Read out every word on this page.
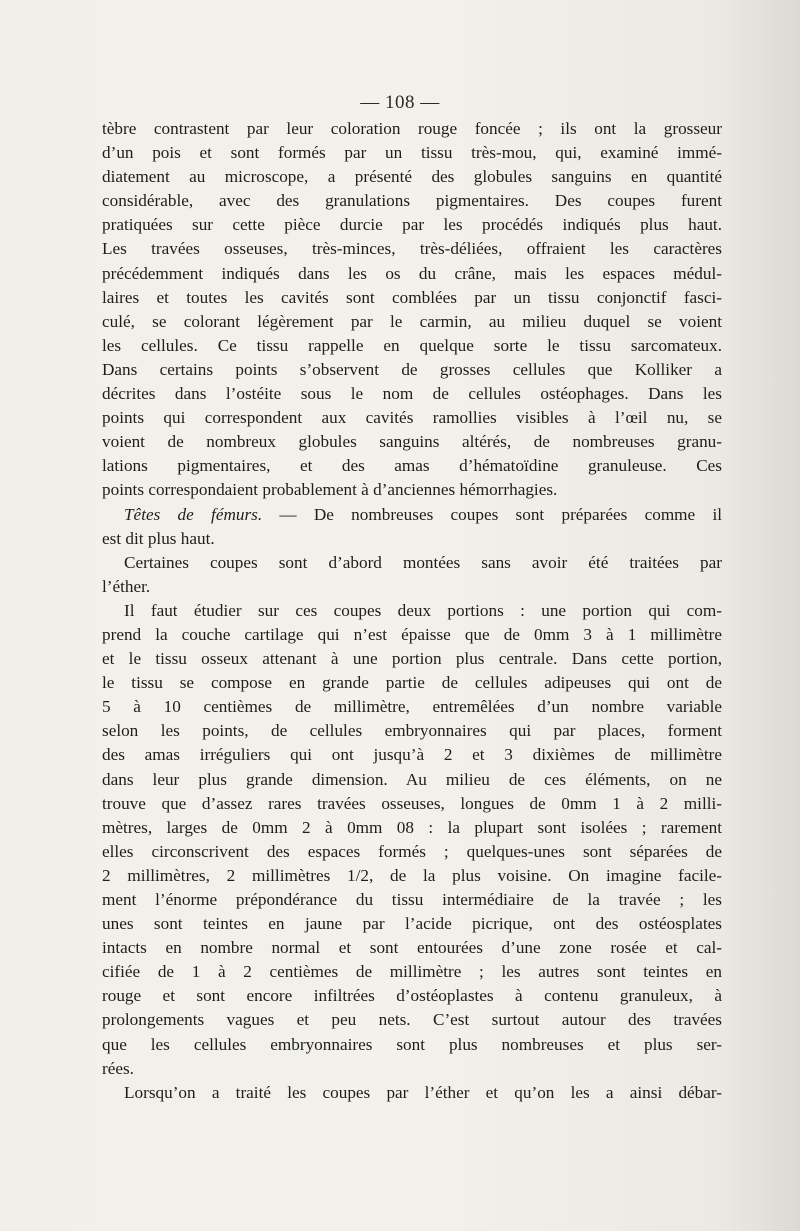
— 108 —
tèbre contrastent par leur coloration rouge foncée ; ils ont la grosseur
d’un pois et sont formés par un tissu très-mou, qui, examiné immé-
diatement au microscope, a présenté des globules sanguins en quantité
considérable, avec des granulations pigmentaires. Des coupes furent
pratiquées sur cette pièce durcie par les procédés indiqués plus haut.
Les travées osseuses, très-minces, très-déliées, offraient les caractères
précédemment indiqués dans les os du crâne, mais les espaces médul-
laires et toutes les cavités sont comblées par un tissu conjonctif fasci-
culé, se colorant légèrement par le carmin, au milieu duquel se voient
les cellules. Ce tissu rappelle en quelque sorte le tissu sarcomateux.
Dans certains points s’observent de grosses cellules que Kolliker a
décrites dans l’ostéite sous le nom de cellules ostéophages. Dans les
points qui correspondent aux cavités ramollies visibles à l’œil nu, se
voient de nombreux globules sanguins altérés, de nombreuses granu-
lations pigmentaires, et des amas d’hématoïdine granuleuse. Ces
points correspondaient probablement à d’anciennes hémorrhagies.
Têtes de fémurs. — De nombreuses coupes sont préparées comme il
est dit plus haut.
Certaines coupes sont d’abord montées sans avoir été traitées par
l’éther.
Il faut étudier sur ces coupes deux portions : une portion qui com-
prend la couche cartilage qui n’est épaisse que de 0mm 3 à 1 millimètre
et le tissu osseux attenant à une portion plus centrale. Dans cette portion,
le tissu se compose en grande partie de cellules adipeuses qui ont de
5 à 10 centièmes de millimètre, entremêlées d’un nombre variable
selon les points, de cellules embryonnaires qui par places, forment
des amas irréguliers qui ont jusqu’à 2 et 3 dixièmes de millimètre
dans leur plus grande dimension. Au milieu de ces éléments, on ne
trouve que d’assez rares travées osseuses, longues de 0mm 1 à 2 milli-
mètres, larges de 0mm 2 à 0mm 08 : la plupart sont isolées ; rarement
elles circonscrivent des espaces formés ; quelques-unes sont séparées de
2 millimètres, 2 millimètres 1/2, de la plus voisine. On imagine facile-
ment l’énorme prépondérance du tissu intermédiaire de la travée ; les
unes sont teintes en jaune par l’acide picrique, ont des ostéosplates
intacts en nombre normal et sont entourées d’une zone rosée et cal-
cifiée de 1 à 2 centièmes de millimètre ; les autres sont teintes en
rouge et sont encore infiltrées d’ostéoplastes à contenu granuleux, à
prolongements vagues et peu nets. C’est surtout autour des travées
que les cellules embryonnaires sont plus nombreuses et plus ser-
rées.
Lorsqu’on a traité les coupes par l’éther et qu’on les a ainsi débar-
